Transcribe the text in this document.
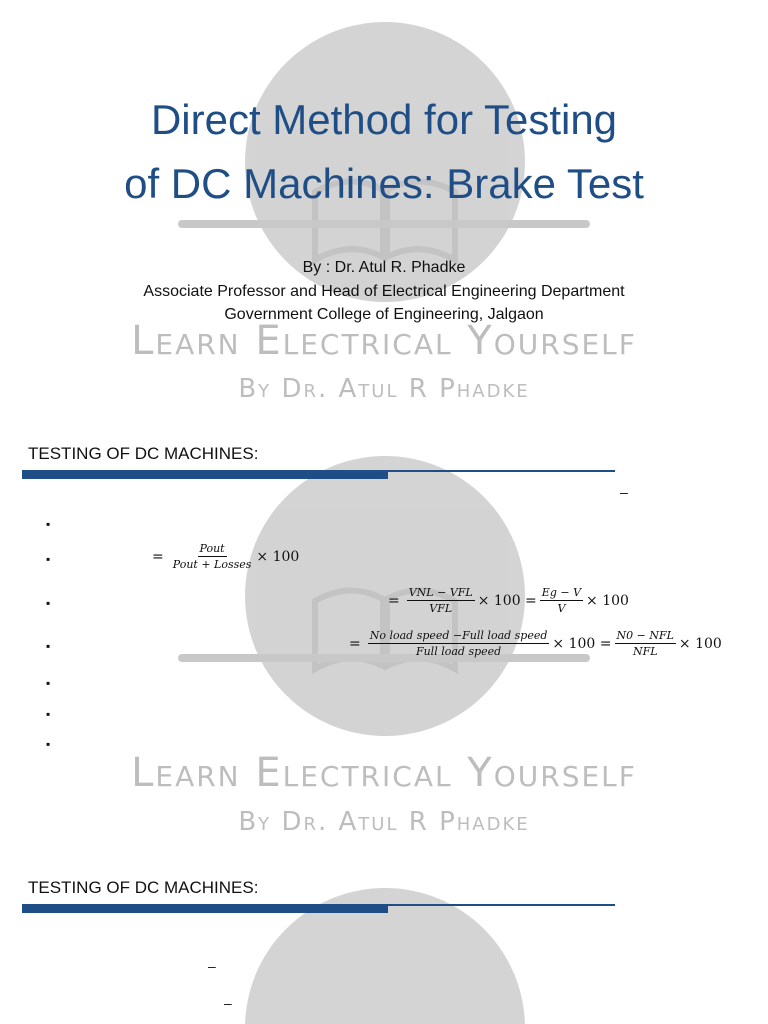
Direct Method for Testing
of DC Machines: Brake Test
By : Dr. Atul R. Phadke
Associate Professor and Head of Electrical Engineering Department
Government College of Engineering, Jalgaon
Learn Electrical Yourself
By Dr. Atul R Phadke
TESTING OF DC MACHINES:
–
▪
▪
▪
▪
▪
▪
▪
= $\frac{\text{Pout}}{\text{Pout + Losses}} \times 100$
= $\frac{\text{VNL − VFL}}{\text{VFL}} \times 100 = \frac{Eg - V}{V} \times 100$
= $\frac{\text{No load speed −Full load speed}}{\text{Full load speed}} \times 100 = \frac{\text{N0 − NFL}}{\text{NFL}} \times 100$
Learn Electrical Yourself
By Dr. Atul R Phadke
TESTING OF DC MACHINES:
–
–
